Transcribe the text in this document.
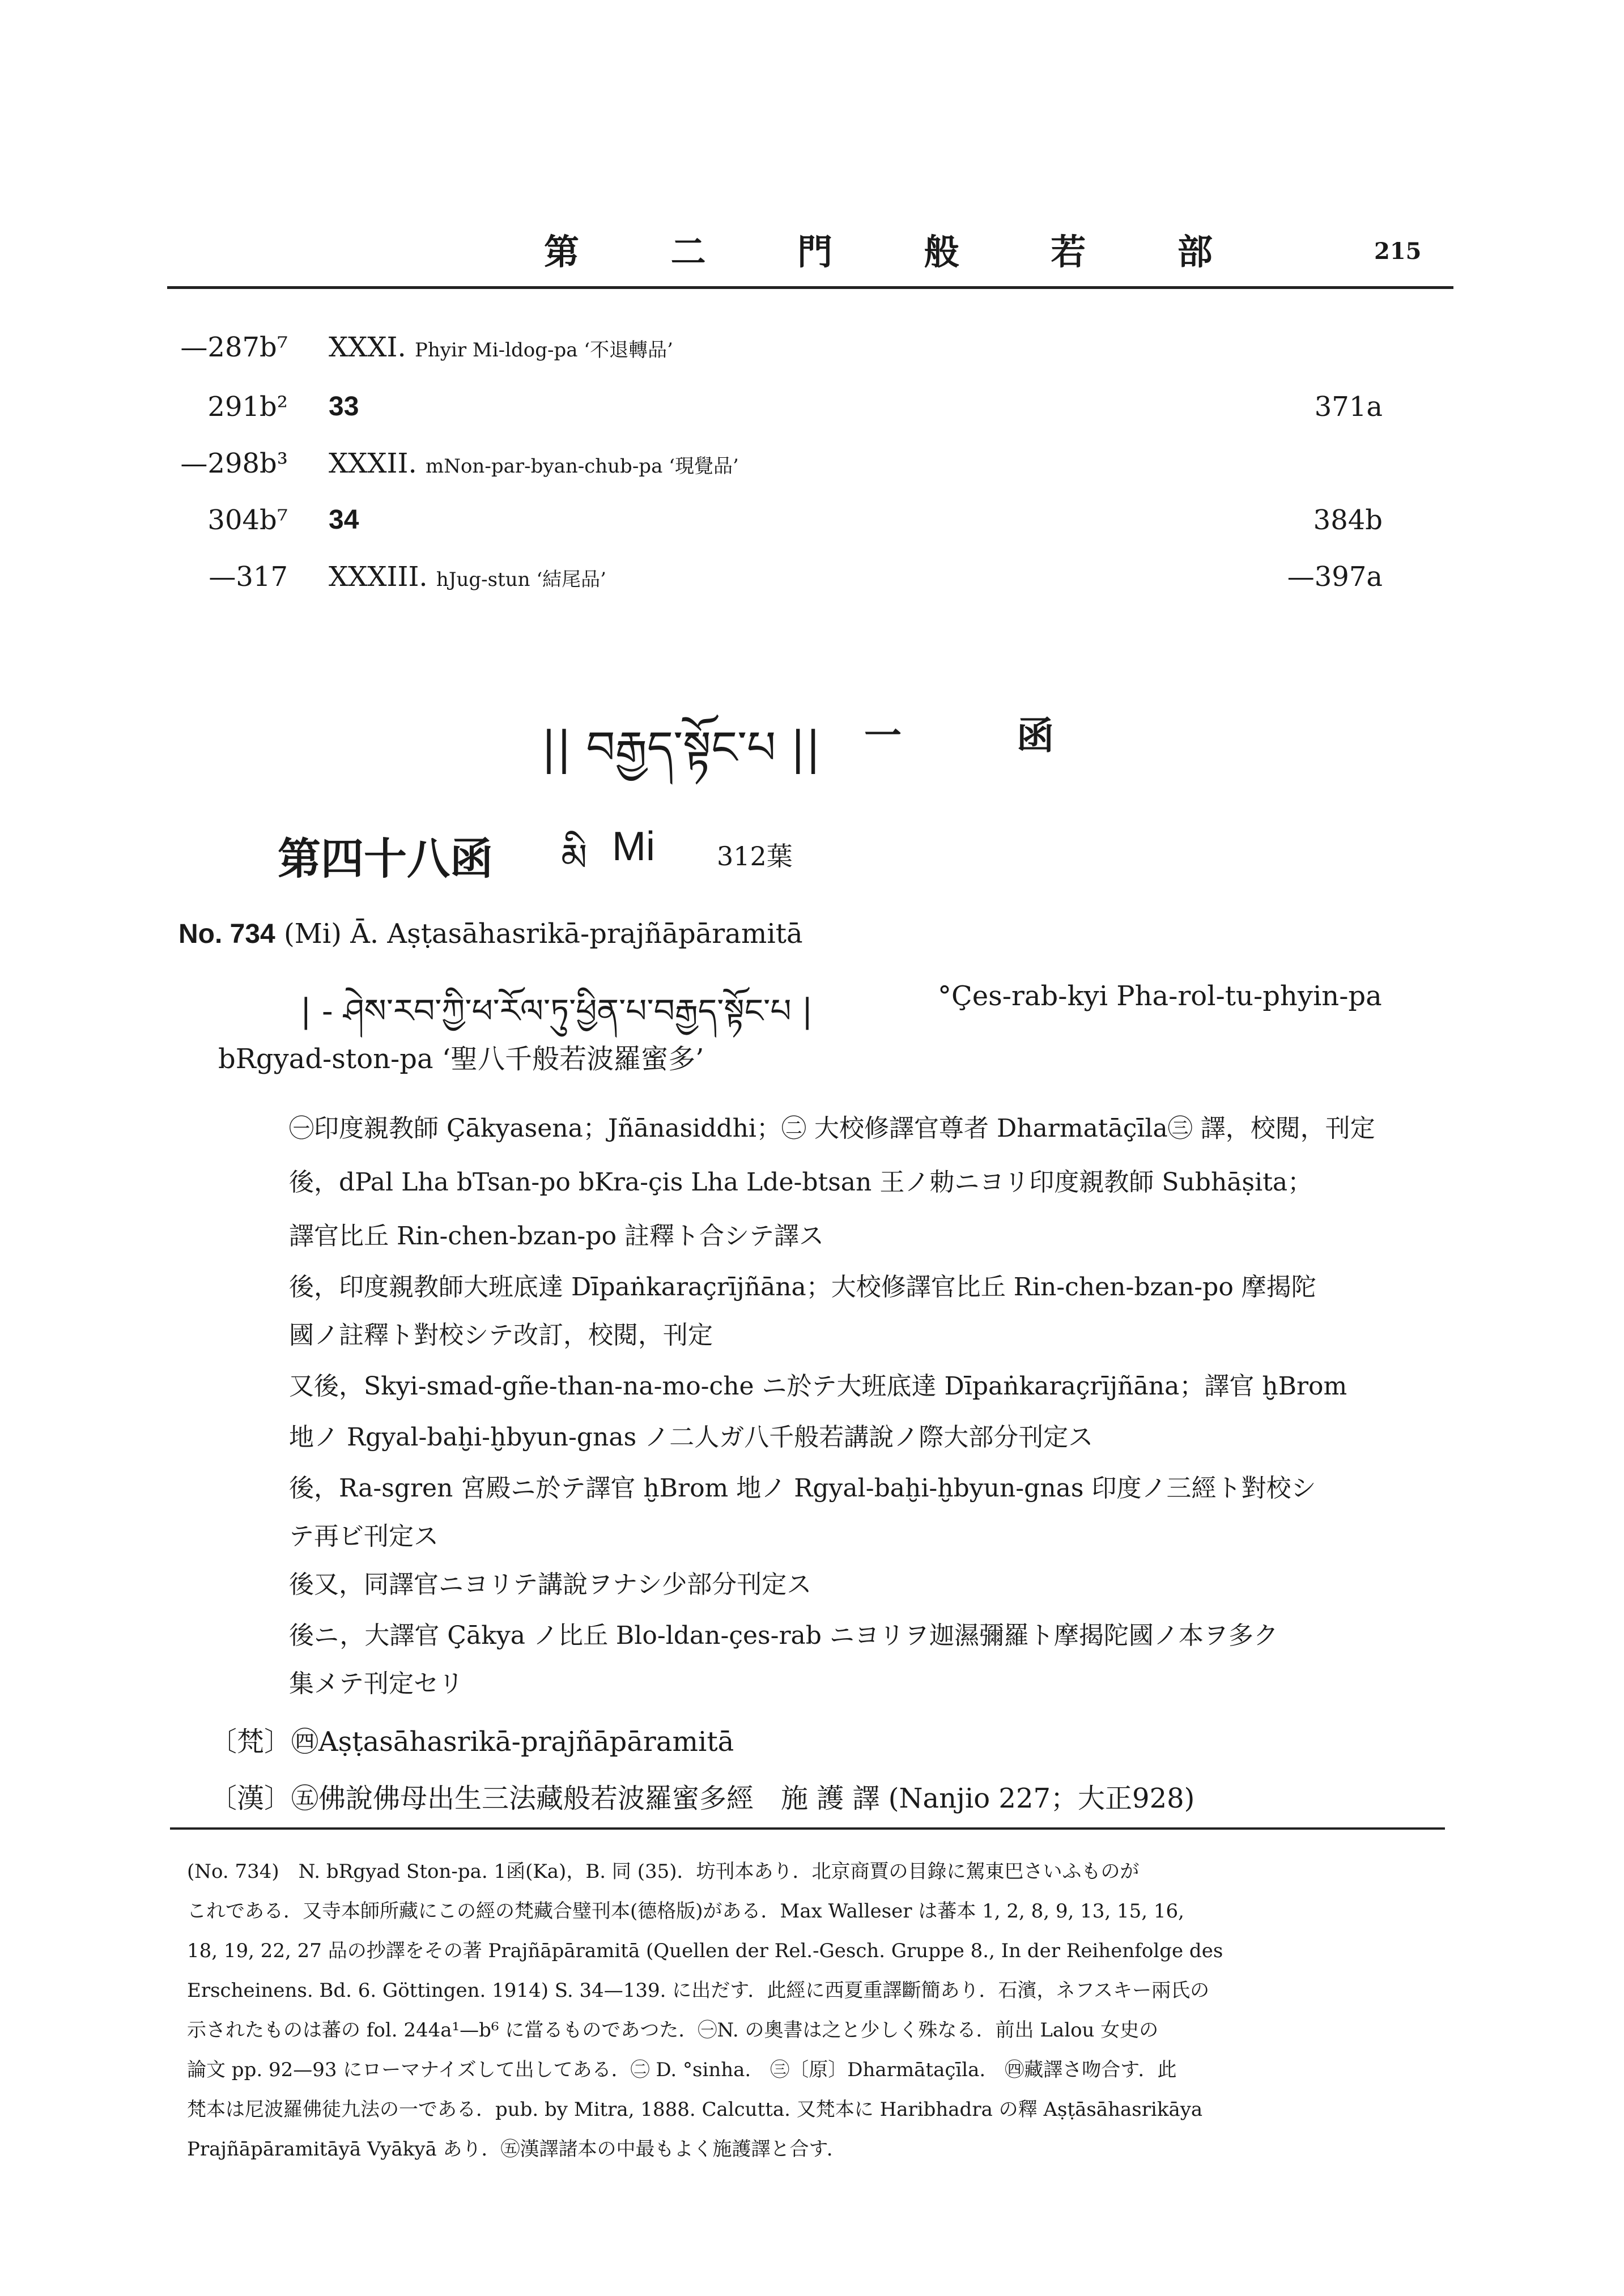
第 二 門 般 若 部	215
—287b⁷ XXXI. Phyir Mi-ldog-pa ‘不退轉品’
291b² 33	371a
—298b³ XXXII. mNon-par-byan-chub-pa ‘現覺品’
304b⁷ 34	384b
—317 XXXIII. hJug-stun ‘結尾品’	—397a
|| བརྒྱད་སྟོང་པ || 一 函
第四十八函 མི Mi 312葉
No. 734 (Mi) Ā. Aṣṭasāhasrikā-prajñāpāramitā
| - ཤེས་རབ་ཀྱི་ཕ་རོལ་ཏུ་ཕྱིན་པ་བརྒྱད་སྟོང་པ |	°Çes-rab-kyi Pha-rol-tu-phyin-pa
bRgyad-ston-pa ‘聖八千般若波羅蜜多’
㊀印度親教師 Çākyasena；Jñānasiddhi；㊁ 大校修譯官尊者 Dharmatāçīla㊂ 譯，校閱，刊定
後，dPal Lha bTsan-po bKra-çis Lha Lde-btsan 王ノ勅ニヨリ印度親教師 Subhāṣita；
譯官比丘 Rin-chen-bzan-po 註釋ト合シテ譯ス
後，印度親教師大班底達 Dīpaṅkaraçrījñāna；大校修譯官比丘 Rin-chen-bzan-po 摩揭陀
國ノ註釋ト對校シテ改訂，校閱，刊定
又後，Skyi-smad-gñe-than-na-mo-che ニ於テ大班底達 Dīpaṅkaraçrījñāna；譯官 ḫBrom
地ノ Rgyal-baḫi-ḫbyun-gnas ノ二人ガ八千般若講說ノ際大部分刊定ス
後，Ra-sgren 宮殿ニ於テ譯官 ḫBrom 地ノ Rgyal-baḫi-ḫbyun-gnas 印度ノ三經ト對校シ
テ再ビ刊定ス
後又，同譯官ニヨリテ講說ヲナシ少部分刊定ス
後ニ，大譯官 Çākya ノ比丘 Blo-ldan-çes-rab ニヨリヲ迦濕彌羅ト摩揭陀國ノ本ヲ多ク
集メテ刊定セリ
〔梵〕㊃Aṣṭasāhasrikā-prajñāpāramitā
〔漢〕㊄佛說佛母出生三法藏般若波羅蜜多經　施 護 譯 (Nanjio 227；大正928)
(No. 734)　N. bRgyad Ston-pa. 1函(Ka)，B. 同 (35)．坊刊本あり．北京商賈の目錄に駕東巴さいふものが
これである．又寺本師所藏にこの經の梵藏合璧刊本(德格版)がある．Max Walleser は蕃本 1, 2, 8, 9, 13, 15, 16,
18, 19, 22, 27 品の抄譯をその著 Prajñāpāramitā (Quellen der Rel.-Gesch. Gruppe 8., In der Reihenfolge des
Erscheinens. Bd. 6. Göttingen. 1914) S. 34—139. に出だす．此經に西夏重譯斷簡あり．石濱，ネフスキー兩氏の
示されたものは蕃の fol. 244a¹—b⁶ に當るものであつた．㊀N. の奧書は之と少しく殊なる．前出 Lalou 女史の
論文 pp. 92—93 にローマナイズして出してある．㊁ D. °sinha.　㊂〔原〕Dharmātaçīla.　㊃藏譯さ吻合す．此
梵本は尼波羅佛徒九法の一である．pub. by Mitra, 1888. Calcutta. 又梵本に Haribhadra の釋 Aṣṭāsāhasrikāya
Prajñāpāramitāyā Vyākyā あり．㊄漢譯諸本の中最もよく施護譯と合す．
